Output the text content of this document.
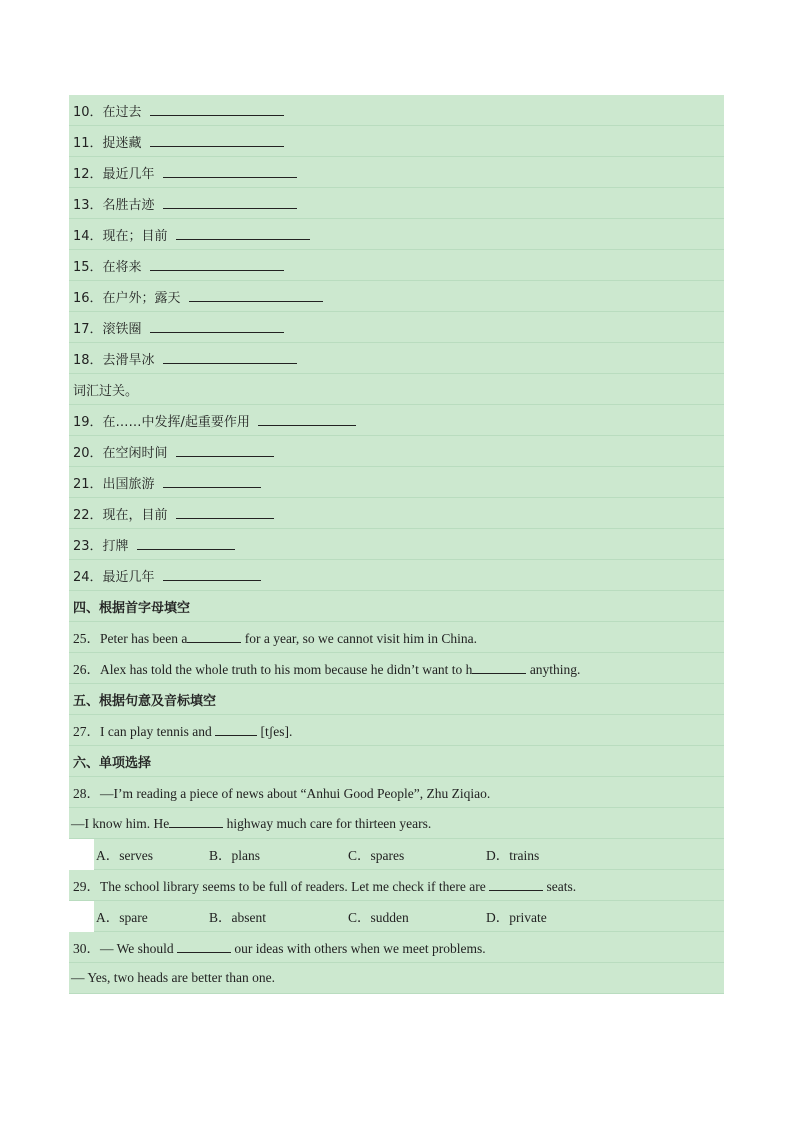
10．在过去
11．捉迷藏
12．最近几年
13．名胜古迹
14．现在；目前
15．在将来
16．在户外；露天
17．滚铁圈
18．去滑旱冰
词汇过关。
19．在……中发挥/起重要作用
20．在空闲时间
21．出国旅游
22．现在，目前
23．打牌
24．最近几年
四、根据首字母填空
25．Peter has been a	for a year, so we cannot visit him in China.
26．Alex has told the whole truth to his mom because he didn’t want to h	anything.
五、根据句意及音标填空
27．I can play tennis and	[tʃes].
六、单项选择
28．—I’m reading a piece of news about “Anhui Good People”, Zhu Ziqiao.
—I know him. He	highway much care for thirteen years.
A．serves	B．plans	C．spares	D．trains
29．The school library seems to be full of readers. Let me check if there are	seats.
A．spare	B．absent	C．sudden	D．private
30．— We should	our ideas with others when we meet problems.
— Yes, two heads are better than one.
